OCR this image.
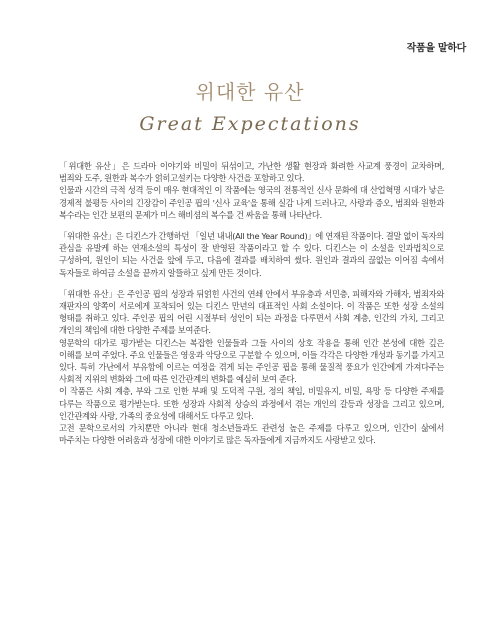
작품을 말하다
위대한 유산
Great Expectations

「위대한 유산」은 드라마 이야기와 비밀이 뒤섞이고, 가난한 생활 현장과 화려한 사교계 풍경이 교차하며, 범죄와 도주, 원한과 복수가 얽히고설키는 다양한 사건을 포함하고 있다.

인물과 시간의 극적 성격 등이 매우 현대적인 이 작품에는 영국의 전통적인 신사 문화에 대 산업혁명 시대가 낳은 경제적 불평등 사이의 긴장감이 주인공 핍의 '신사 교육'을 통해 실감 나게 드러나고, 사랑과 증오, 범죄와 원한과 복수라는 인간 보편의 문제가 미스 해비셤의 복수를 건 싸움을 통해 나타난다.

「위대한 유산」은 디킨스가 간행하던 「일년 내내(All the Year Round)」에 연재된 작품이다. 결말 없이 독자의 관심을 유발케 하는 연재소설의 특성이 잘 반영된 작품이라고 할 수 있다. 디킨스는 이 소설을 인과법칙으로 구성하여, 원인이 되는 사건을 앞에 두고, 다음에 결과를 배치하여 썼다. 원인과 결과의 끊없는 이어짐 속에서 독자들로 하여금 소설을 끝까지 알뜰하고 싶게 만든 것이다.

「위대한 유산」은 주인공 핍의 성장과 뒤얽힌 사건의 연쇄 안에서 부유층과 서민층, 피해자와 가해자, 범죄자와 재판자의 양쪽이 서로에게 포착되어 있는 디킨스 만년의 대표적인 사회 소설이다. 이 작품은 또한 성장 소설의 형태를 취하고 있다. 주인공 핍의 어린 시절부터 성인이 되는 과정을 다루면서 사회 계층, 인간의 가치, 그리고 개인의 책임에 대한 다양한 주제를 보여준다.

영문학의 대가로 평가받는 디킨스는 복잡한 인물들과 그들 사이의 상호 작용을 통해 인간 본성에 대한 깊은 이해를 보여 주었다. 주요 인물들은 영웅과 악당으로 구분할 수 있으며, 이들 각각은 다양한 개성과 동기를 가지고 있다. 특히 가난에서 부유함에 이르는 여정을 겪게 되는 주인공 핍을 통해 물질적 풍요가 인간에게 가져다주는 사회적 지위의 변화와 그에 따른 인간관계의 변화를 예심히 보여 준다.

이 작품은 사회 계층, 부와 그로 인한 부패 및 도덕적 구원, 정의 책임, 비밀유지, 비밀, 욕망 등 다양한 주제를 다루는 작품으로 평가받는다. 또한 성장과 사회적 상승의 과정에서 겪는 개인의 갈등과 성장을 그리고 있으며, 인간관계와 사랑, 가족의 중요성에 대해서도 다루고 있다.

고전 문학으로서의 가치뿐만 아니라 현대 청소년들과도 관련성 높은 주제를 다루고 있으며, 인간이 삶에서 마주치는 다양한 어려움과 성장에 대한 이야기로 많은 독자들에게 지금까지도 사랑받고 있다.
